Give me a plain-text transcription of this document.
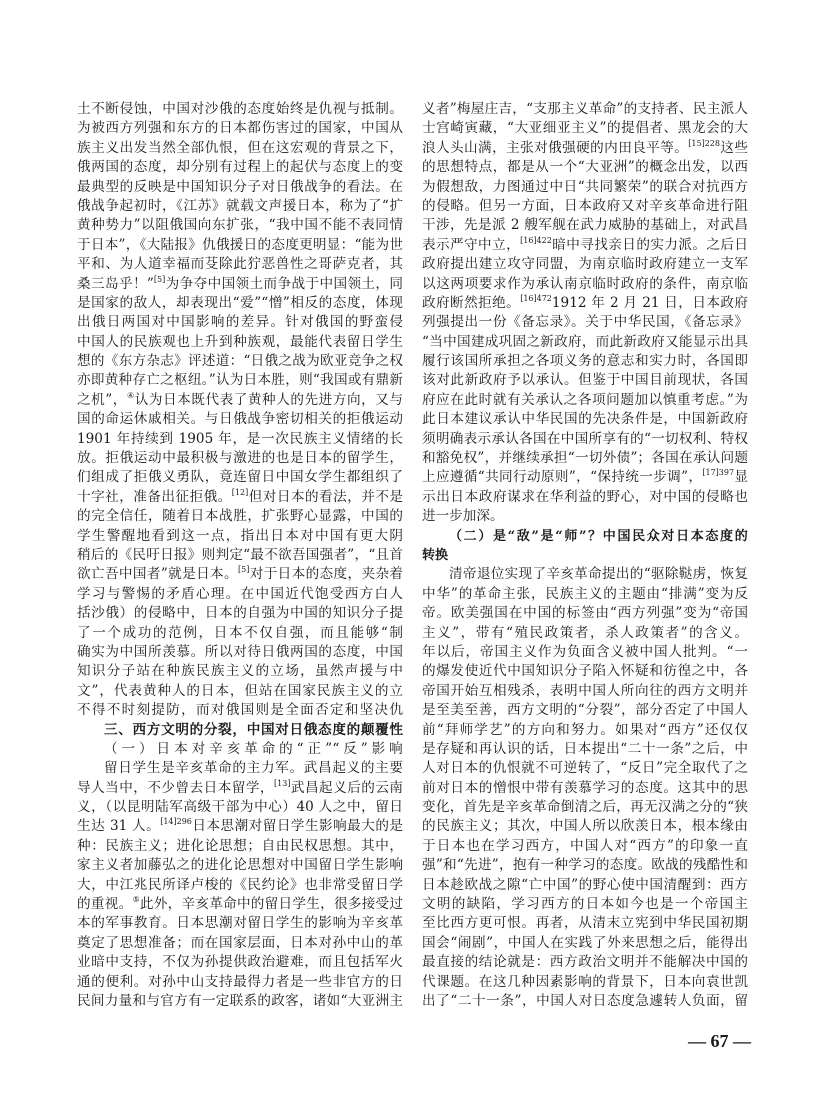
土不断侵蚀，中国对沙俄的态度始终是仇视与抵制。
为被西方列强和东方的日本都伤害过的国家，中国从
族主义出发当然全部仇恨，但在这宏观的背景之下，
俄两国的态度，却分别有过程上的起伏与态度上的变
最典型的反映是中国知识分子对日俄战争的看法。在
俄战争起初时，《江苏》就载文声援日本，称为了“扩
黄种势力”以阻俄国向东扩张，“我中国不能不表同情
于日本”，《大陆报》仇俄援日的态度更明显：“能为世
平和、为人道幸福而芟除此狞恶兽性之哥萨克者，其
桑三岛乎！”[5]为争夺中国领土而争战于中国领土，同
是国家的敌人，却表现出“爱”“憎”相反的态度，体现
出俄日两国对中国影响的差异。针对俄国的野蛮侵
中国人的民族观也上升到种族观，最能代表留日学生
想的《东方杂志》评述道：“日俄之战为欧亚竞争之权
亦即黄种存亡之枢纽。”认为日本胜，则“我国或有鼎新
之机”，④认为日本既代表了黄种人的先进方向，又与
国的命运休戚相关。与日俄战争密切相关的拒俄运动
1901 年持续到 1905 年，是一次民族主义情绪的长
放。拒俄运动中最积极与激进的也是日本的留学生，
们组成了拒俄义勇队，竟连留日中国女学生都组织了
十字社，准备出征拒俄。[12]但对日本的看法，并不是
的完全信任，随着日本战胜，扩张野心显露，中国的
学生警醒地看到这一点，指出日本对中国有更大阴
稍后的《民吁日报》则判定“最不欲吾国强者”，“且首
欲亡吾中国者”就是日本。[5]对于日本的态度，夹杂着
学习与警惕的矛盾心理。在中国近代饱受西方白人
括沙俄）的侵略中，日本的自强为中国的知识分子提
了一个成功的范例，日本不仅自强，而且能够“制
确实为中国所羡慕。所以对待日俄两国的态度，中国
知识分子站在种族民族主义的立场，虽然声援与中
文”，代表黄种人的日本，但站在国家民族主义的立
不得不时刻提防，而对俄国则是全面否定和坚决仇
三、西方文明的分裂，中国对日俄态度的颠覆性
（一）日本对辛亥革命的“正”“反”影响
留日学生是辛亥革命的主力军。武昌起义的主要
导人当中，不少曾去日本留学，[13]武昌起义后的云南
义，（以昆明陆军高级干部为中心）40 人之中，留日
生达 31 人。$^{[14]296}$日本思潮对留日学生影响最大的是
种：民族主义；进化论思想；自由民权思想。其中，
家主义者加藤弘之的进化论思想对中国留日学生影响
大，中江兆民所译卢梭的《民约论》也非常受留日学
的重视。⑤此外，辛亥革命中的留日学生，很多接受过
本的军事教育。日本思潮对留日学生的影响为辛亥革
奠定了思想准备；而在国家层面，日本对孙中山的革
业暗中支持，不仅为孙提供政治避难，而且包括军火
通的便利。对孙中山支持最得力者是一些非官方的日
民间力量和与官方有一定联系的政客，诸如“大亚洲主
义者”梅屋庄吉，“支那主义革命”的支持者、民主派人
士宫崎寅藏，“大亚细亚主义”的提倡者、黑龙会的大
浪人头山满，主张对俄强硬的内田良平等。$^{[15]228}$这些
的思想特点，都是从一个“大亚洲”的概念出发，以西
为假想敌，力图通过中日“共同繁荣”的联合对抗西方
的侵略。但另一方面，日本政府又对辛亥革命进行阻
干涉，先是派 2 艘军舰在武力威胁的基础上，对武昌
表示严守中立，$^{[16]422}$暗中寻找亲日的实力派。之后日
政府提出建立攻守同盟，为南京临时政府建立一支军
以这两项要求作为承认南京临时政府的条件，南京临
政府断然拒绝。$^{[16]472}$1912 年 2 月 21 日，日本政府
列强提出一份《备忘录》。关于中华民国，《备忘录》
“当中国建成巩固之新政府，而此新政府又能显示出具
履行该国所承担之各项义务的意志和实力时，各国即
该对此新政府予以承认。但鉴于中国目前现状，各国
府应在此时就有关承认之各项问题加以慎重考虑。”为
此日本建议承认中华民国的先决条件是，中国新政府
须明确表示承认各国在中国所享有的“一切权利、特权
和豁免权”，并继续承担“一切外债”；各国在承认问题
上应遵循“共同行动原则”，“保持统一步调”，$^{[17]397}$显
示出日本政府谋求在华利益的野心，对中国的侵略也
进一步加深。
（二）是“敌”是“师”？中国民众对日本态度的
转换
清帝退位实现了辛亥革命提出的“驱除鞑虏，恢复
中华”的革命主张，民族主义的主题由“排满”变为反
帝。欧美强国在中国的标签由“西方列强”变为“帝国
主义”，带有“殖民政策者，杀人政策者”的含义。
年以后，帝国主义作为负面含义被中国人批判。“一
的爆发使近代中国知识分子陷入怀疑和彷徨之中，各
帝国开始互相残杀，表明中国人所向往的西方文明并
是至美至善，西方文明的“分裂”，部分否定了中国人
前“拜师学艺”的方向和努力。如果对“西方”还仅仅
是存疑和再认识的话，日本提出“二十一条”之后，中
人对日本的仇恨就不可逆转了，“反日”完全取代了之
前对日本的憎恨中带有羡慕学习的态度。这其中的思
变化，首先是辛亥革命倒清之后，再无汉满之分的“狭
的民族主义；其次，中国人所以欣羡日本，根本缘由
于日本也在学习西方，中国人对“西方”的印象一直
强”和“先进”，抱有一种学习的态度。欧战的残酷性和
日本趁欧战之隙“亡中国”的野心使中国清醒到：西方
文明的缺陷，学习西方的日本如今也是一个帝国主
至比西方更可恨。再者，从清末立宪到中华民国初期
国会“闹剧”，中国人在实践了外来思想之后，能得出
最直接的结论就是：西方政治文明并不能解决中国的
代课题。在这几种因素影响的背景下，日本向袁世凯
出了“二十一条”，中国人对日态度急遽转人负面，留
— 67 —
